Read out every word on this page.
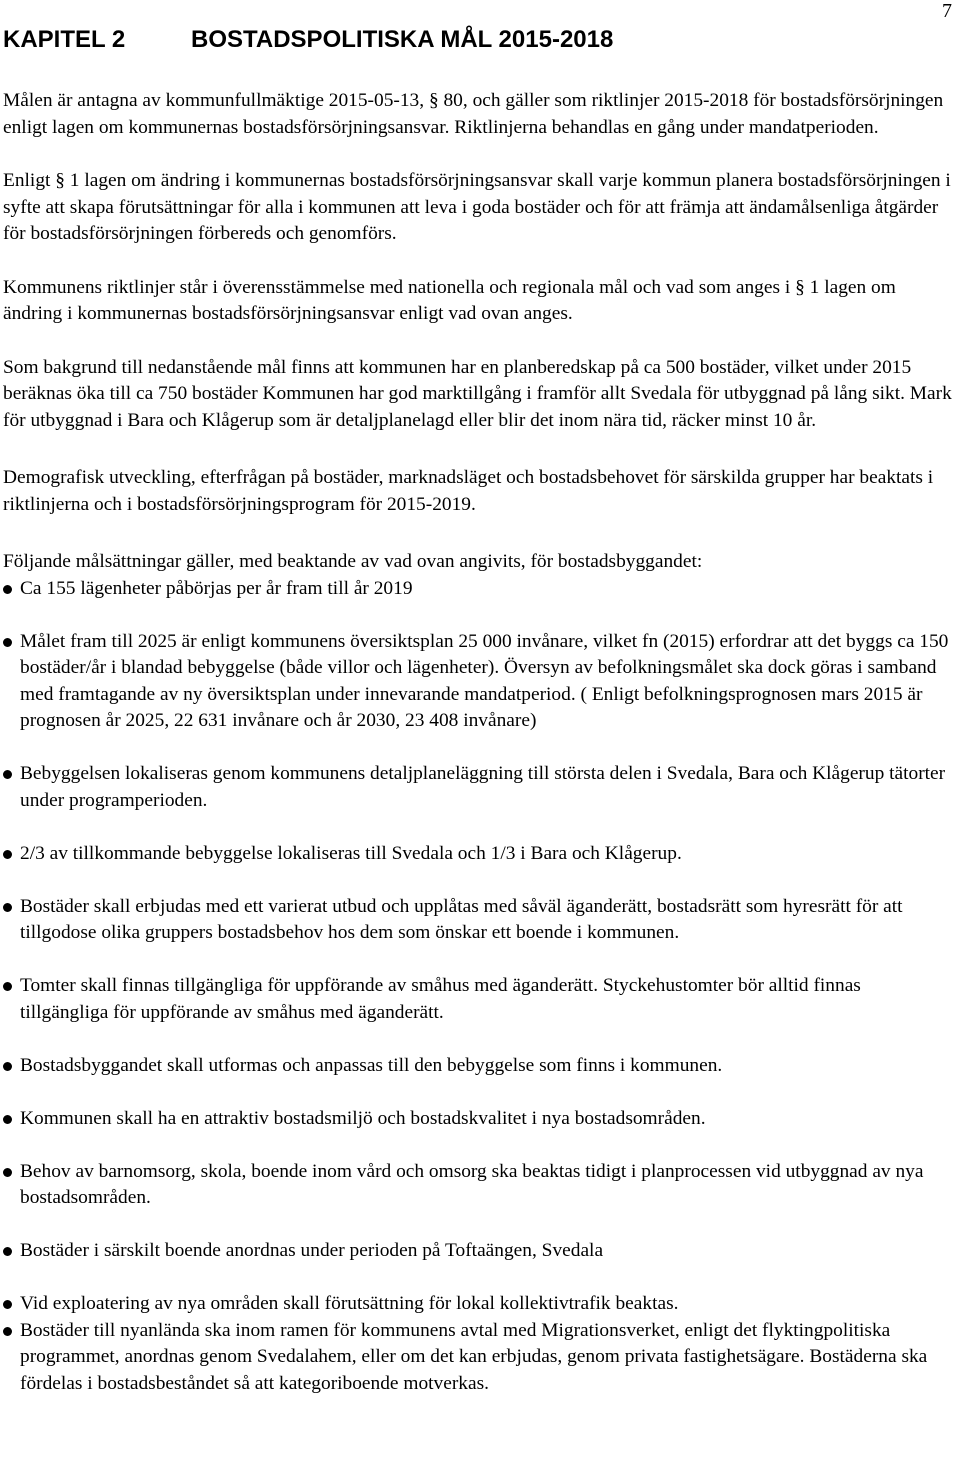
7
KAPITEL 2	BOSTADSPOLITISKA MÅL 2015-2018

Målen är antagna av kommunfullmäktige 2015-05-13, § 80, och gäller som riktlinjer 2015-2018 för bostadsförsörjningen enligt lagen om kommunernas bostadsförsörjningsansvar. Riktlinjerna behandlas en gång under mandatperioden.

Enligt § 1 lagen om ändring i kommunernas bostadsförsörjningsansvar skall varje kommun planera bostadsförsörjningen i syfte att skapa förutsättningar för alla i kommunen att leva i goda bostäder och för att främja att ändamålsenliga åtgärder för bostadsförsörjningen förbereds och genomförs.

Kommunens riktlinjer står i överensstämmelse med nationella och regionala mål och vad som anges i § 1 lagen om ändring i kommunernas bostadsförsörjningsansvar enligt vad ovan anges.

Som bakgrund till nedanstående mål finns att kommunen har en planberedskap på ca 500 bostäder, vilket under 2015 beräknas öka till ca 750 bostäder Kommunen har god marktillgång i framför allt Svedala för utbyggnad på lång sikt. Mark för utbyggnad i Bara och Klågerup som är detaljplanelagd eller blir det inom nära tid, räcker minst 10 år.

Demografisk utveckling, efterfrågan på bostäder, marknadsläget och bostadsbehovet för särskilda grupper har beaktats i riktlinjerna och i bostadsförsörjningsprogram för 2015-2019.

Följande målsättningar gäller, med beaktande av vad ovan angivits, för bostadsbyggandet:
Ca 155 lägenheter påbörjas per år fram till år 2019
Målet fram till 2025 är enligt kommunens översiktsplan 25 000 invånare, vilket fn (2015) erfordrar att det byggs ca 150 bostäder/år i blandad bebyggelse (både villor och lägenheter). Översyn av befolkningsmålet ska dock göras i samband med framtagande av ny översiktsplan under innevarande mandatperiod. ( Enligt befolkningsprognosen mars 2015 är prognosen år 2025, 22 631 invånare och år 2030, 23 408 invånare)
Bebyggelsen lokaliseras genom kommunens detaljplaneläggning till största delen i Svedala, Bara och Klågerup tätorter under programperioden.
2/3 av tillkommande bebyggelse lokaliseras till Svedala och 1/3 i Bara och Klågerup.
Bostäder skall erbjudas med ett varierat utbud och upplåtas med såväl äganderätt, bostadsrätt som hyresrätt för att tillgodose olika gruppers bostadsbehov hos dem som önskar ett boende i kommunen.
Tomter skall finnas tillgängliga för uppförande av småhus med äganderätt. Styckehustomter bör alltid finnas tillgängliga för uppförande av småhus med äganderätt.
Bostadsbyggandet skall utformas och anpassas till den bebyggelse som finns i kommunen.
Kommunen skall ha en attraktiv bostadsmiljö och bostadskvalitet i nya bostadsområden.
Behov av barnomsorg, skola, boende inom vård och omsorg ska beaktas tidigt i planprocessen vid utbyggnad av nya bostadsområden.
Bostäder i särskilt boende anordnas under perioden på Toftaängen, Svedala
Vid exploatering av nya områden skall förutsättning för lokal kollektivtrafik beaktas.
Bostäder till nyanlända ska inom ramen för kommunens avtal med Migrationsverket, enligt det flyktingpolitiska programmet, anordnas genom Svedalahem, eller om det kan erbjudas, genom privata fastighetsägare. Bostäderna ska fördelas i bostadsbeståndet så att kategoriboende motverkas.
